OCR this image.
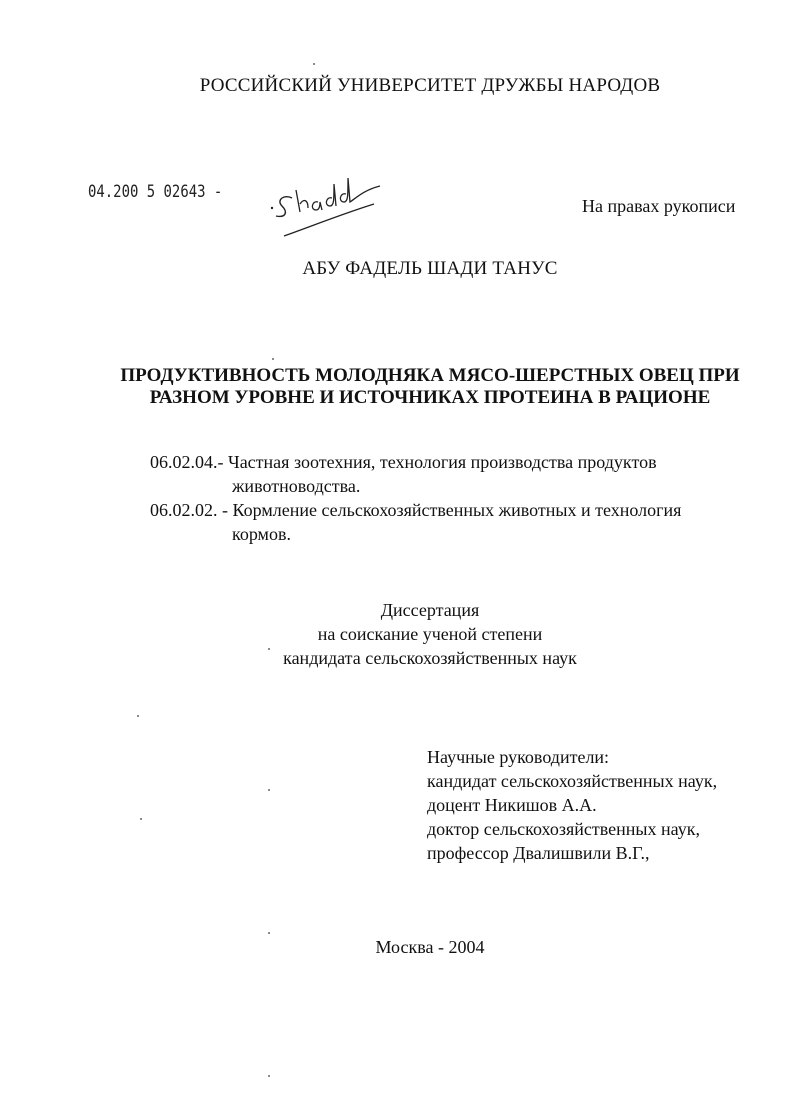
РОССИЙСКИЙ УНИВЕРСИТЕТ ДРУЖБЫ НАРОДОВ
04.200 5 02643 -
На правах рукописи
АБУ ФАДЕЛЬ ШАДИ ТАНУС
ПРОДУКТИВНОСТЬ МОЛОДНЯКА МЯСО-ШЕРСТНЫХ ОВЕЦ ПРИ
РАЗНОМ УРОВНЕ И ИСТОЧНИКАХ ПРОТЕИНА В РАЦИОНЕ
06.02.04.- Частная зоотехния, технология производства продуктов
животноводства.
06.02.02. - Кормление сельскохозяйственных животных и технология
кормов.
Диссертация
на соискание ученой степени
кандидата сельскохозяйственных наук
Научные руководители:
кандидат сельскохозяйственных наук,
доцент Никишов А.А.
доктор сельскохозяйственных наук,
профессор Двалишвили В.Г.,
Москва - 2004
